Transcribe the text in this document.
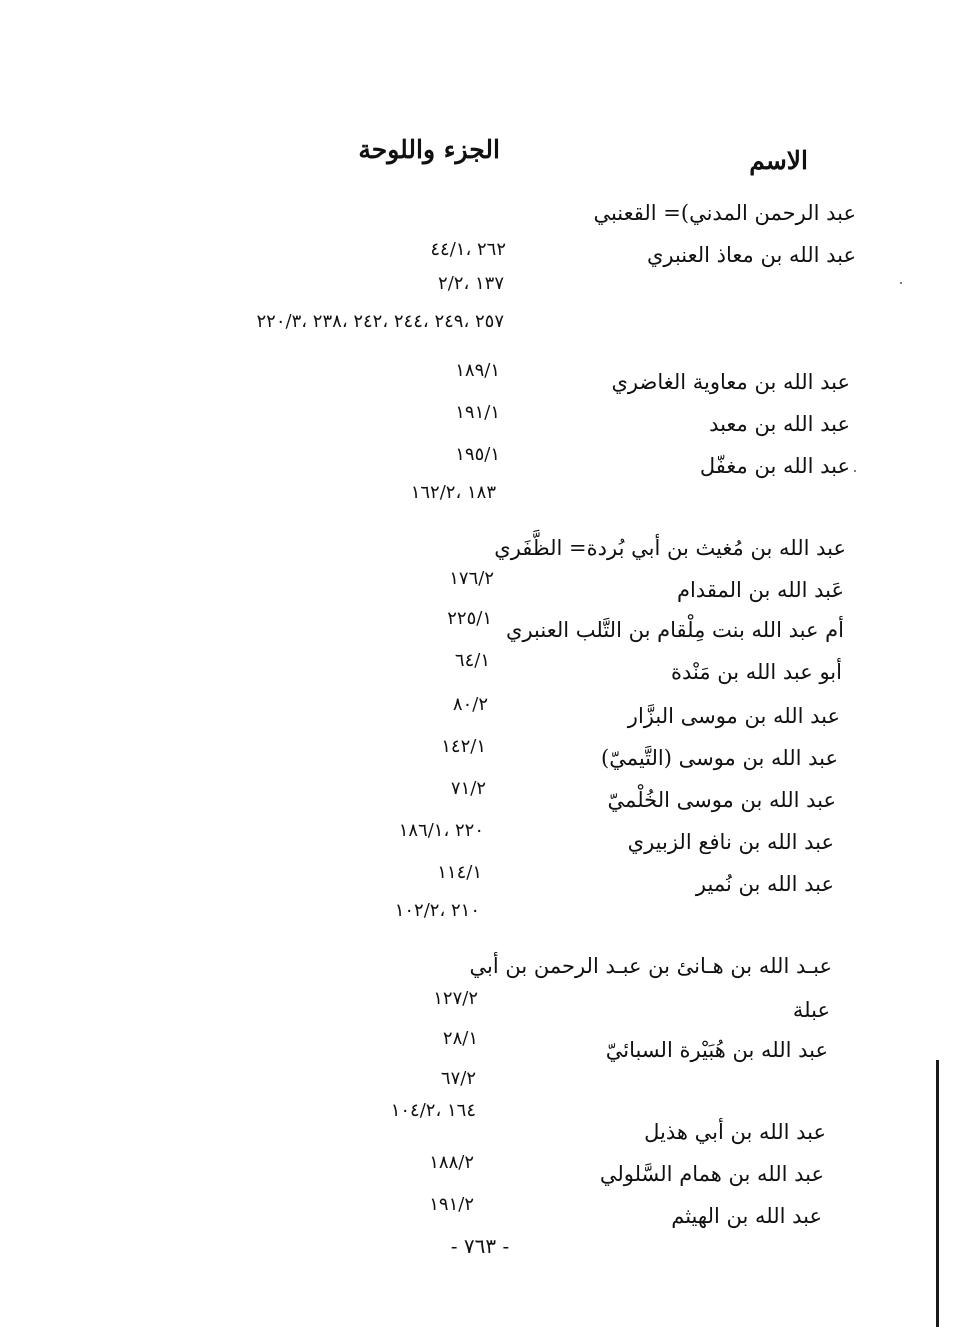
الاسم
الجزء واللوحة
عبد الرحمن المدني)= القعنبي
عبد الله بن معاذ العنبري
٢٦٢ ،٤٤/١
١٣٧ ،٢/٢
٢٥٧ ،٢٤٩ ،٢٤٤ ،٢٤٢ ،٢٣٨ ،٢٢٠/٣
عبد الله بن معاوية الغاضري
١٨٩/١
عبد الله بن معبد
١٩١/١
عبد الله بن مغفّل
١٩٥/١
١٨٣ ،١٦٢/٢
عبد الله بن مُغيث بن أبي بُردة= الظَّفَري
عَبد الله بن المقدام
١٧٦/٢
أم عبد الله بنت مِلْقام بن التَّلب العنبري
٢٢٥/١
أبو عبد الله بن مَنْدة
٦٤/١
عبد الله بن موسى البزَّار
٨٠/٢
عبد الله بن موسى (التَّيميّ)
١٤٢/١
عبد الله بن موسى الخُلْميّ
٧١/٢
عبد الله بن نافع الزبيري
٢٢٠ ،١٨٦/١
عبد الله بن نُمير
١١٤/١
٢١٠ ،١٠٢/٢
عبـد الله بن هـانئ بن عبـد الرحمن بن أبي
عبلة
١٢٧/٢
عبد الله بن هُبَيْرة السبائيّ
٢٨/١
٦٧/٢
عبد الله بن أبي هذيل
١٦٤ ،١٠٤/٢
عبد الله بن همام السَّلولي
١٨٨/٢
عبد الله بن الهيثم
١٩١/٢
- ٧٦٣ -
